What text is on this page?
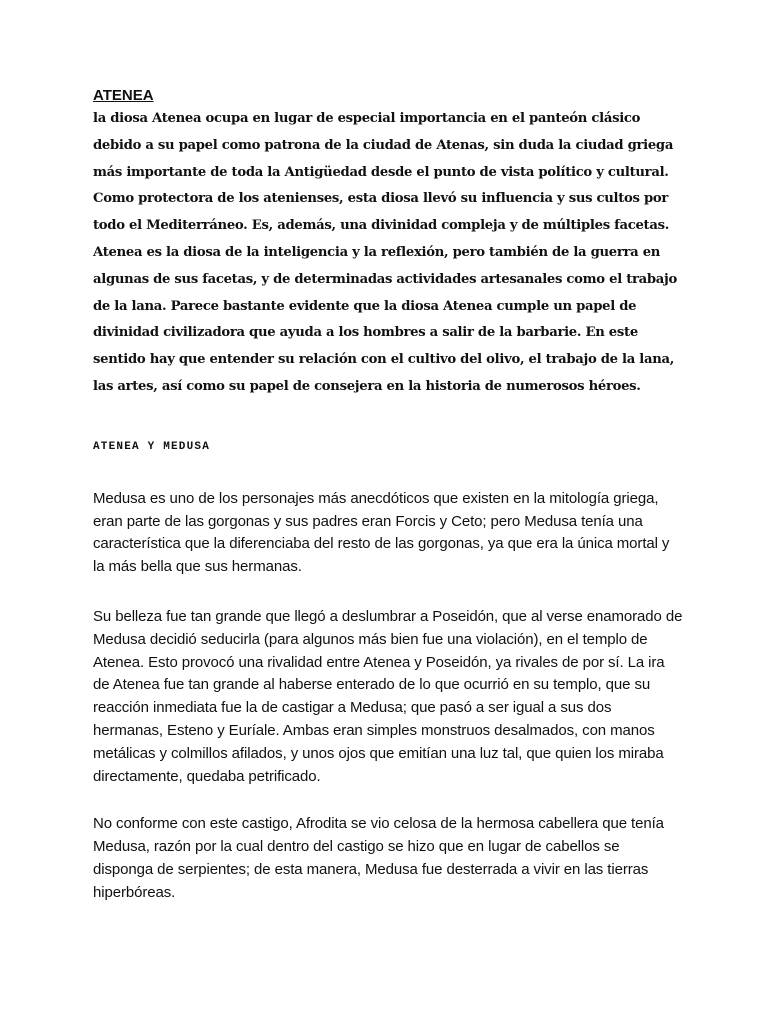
ATENEA

la diosa Atenea ocupa en lugar de especial importancia en el panteón clásico debido a su papel como patrona de la ciudad de Atenas, sin duda la ciudad griega más importante de toda la Antigüedad desde el punto de vista político y cultural. Como protectora de los atenienses, esta diosa llevó su influencia y sus cultos por todo el Mediterráneo. Es, además, una divinidad compleja y de múltiples facetas. Atenea es la diosa de la inteligencia y la reflexión, pero también de la guerra en algunas de sus facetas, y de determinadas actividades artesanales como el trabajo de la lana. Parece bastante evidente que la diosa Atenea cumple un papel de divinidad civilizadora que ayuda a los hombres a salir de la barbarie. En este sentido hay que entender su relación con el cultivo del olivo, el trabajo de la lana, las artes, así como su papel de consejera en la historia de numerosos héroes.

ATENEA Y MEDUSA

Medusa es uno de los personajes más anecdóticos que existen en la mitología griega, eran parte de las gorgonas y sus padres eran Forcis y Ceto; pero Medusa tenía una característica que la diferenciaba del resto de las gorgonas, ya que era la única mortal y la más bella que sus hermanas.

Su belleza fue tan grande que llegó a deslumbrar a Poseidón, que al verse enamorado de Medusa decidió seducirla (para algunos más bien fue una violación), en el templo de Atenea. Esto provocó una rivalidad entre Atenea y Poseidón, ya rivales de por sí. La ira de Atenea fue tan grande al haberse enterado de lo que ocurrió en su templo, que su reacción inmediata fue la de castigar a Medusa; que pasó a ser igual a sus dos hermanas, Esteno y Euríale. Ambas eran simples monstruos desalmados, con manos metálicas y colmillos afilados, y unos ojos que emitían una luz tal, que quien los miraba directamente, quedaba petrificado.

No conforme con este castigo, Afrodita se vio celosa de la hermosa cabellera que tenía Medusa, razón por la cual dentro del castigo se hizo que en lugar de cabellos se disponga de serpientes; de esta manera, Medusa fue desterrada a vivir en las tierras hiperbóreas.
